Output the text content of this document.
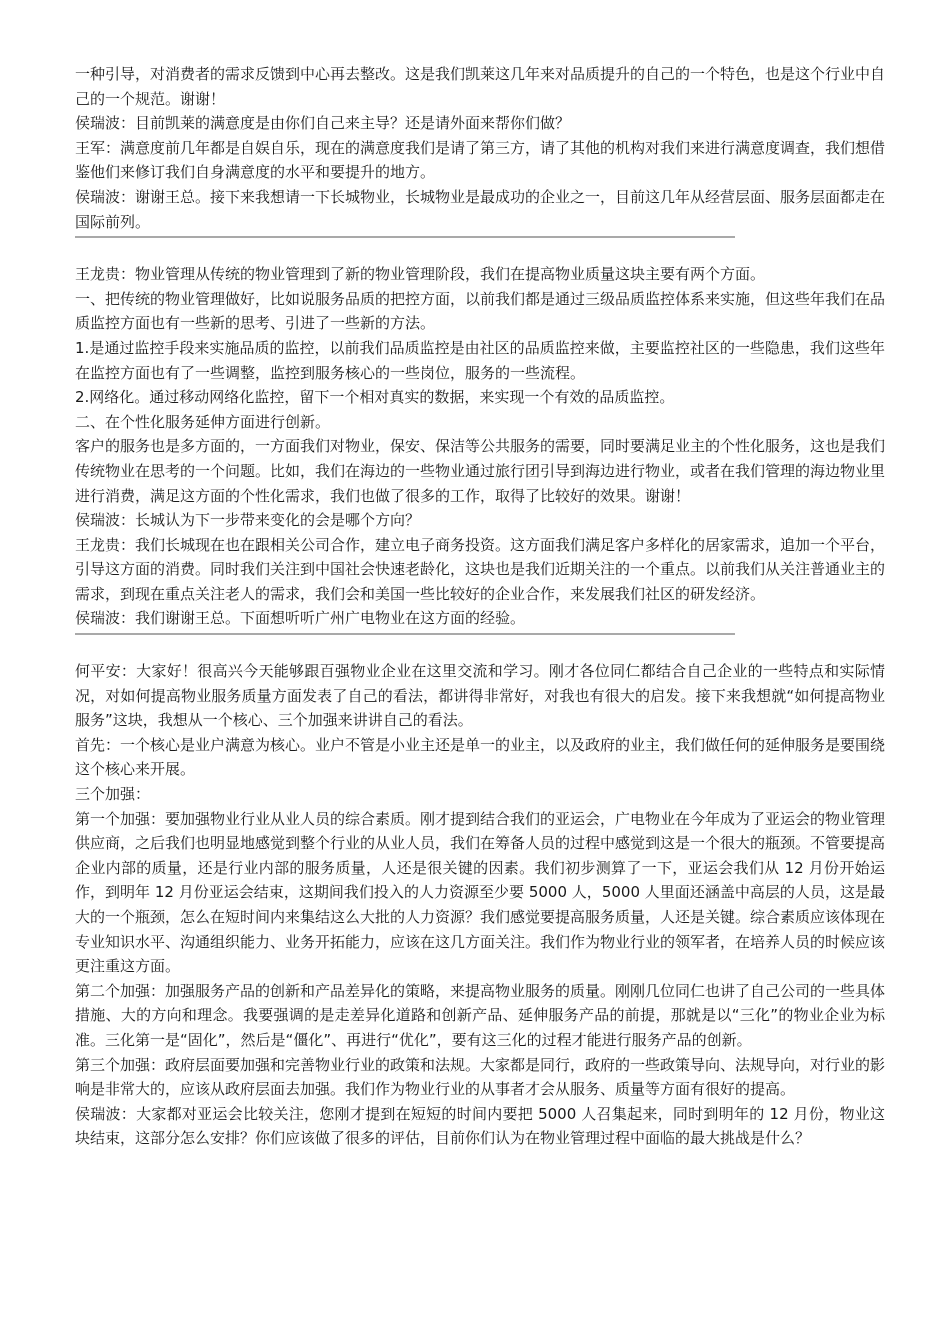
一种引导，对消费者的需求反馈到中心再去整改。这是我们凯莱这几年来对品质提升的自己的一个特色，也是这个行业中自己的一个规范。谢谢！

侯瑞波：目前凯莱的满意度是由你们自己来主导？还是请外面来帮你们做？

王军：满意度前几年都是自娱自乐，现在的满意度我们是请了第三方，请了其他的机构对我们来进行满意度调查，我们想借鉴他们来修订我们自身满意度的水平和要提升的地方。

侯瑞波：谢谢王总。接下来我想请一下长城物业，长城物业是最成功的企业之一，目前这几年从经营层面、服务层面都走在国际前列。

王龙贵：物业管理从传统的物业管理到了新的物业管理阶段，我们在提高物业质量这块主要有两个方面。

一、把传统的物业管理做好，比如说服务品质的把控方面，以前我们都是通过三级品质监控体系来实施，但这些年我们在品质监控方面也有一些新的思考、引进了一些新的方法。

1.是通过监控手段来实施品质的监控，以前我们品质监控是由社区的品质监控来做，主要监控社区的一些隐患，我们这些年在监控方面也有了一些调整，监控到服务核心的一些岗位，服务的一些流程。

2.网络化。通过移动网络化监控，留下一个相对真实的数据，来实现一个有效的品质监控。

二、在个性化服务延伸方面进行创新。

客户的服务也是多方面的，一方面我们对物业，保安、保洁等公共服务的需要，同时要满足业主的个性化服务，这也是我们传统物业在思考的一个问题。比如，我们在海边的一些物业通过旅行团引导到海边进行物业，或者在我们管理的海边物业里进行消费，满足这方面的个性化需求，我们也做了很多的工作，取得了比较好的效果。谢谢！

侯瑞波：长城认为下一步带来变化的会是哪个方向？

王龙贵：我们长城现在也在跟相关公司合作，建立电子商务投资。这方面我们满足客户多样化的居家需求，追加一个平台，引导这方面的消费。同时我们关注到中国社会快速老龄化，这块也是我们近期关注的一个重点。以前我们从关注普通业主的需求，到现在重点关注老人的需求，我们会和美国一些比较好的企业合作，来发展我们社区的研发经济。

侯瑞波：我们谢谢王总。下面想听听广州广电物业在这方面的经验。

何平安：大家好！很高兴今天能够跟百强物业企业在这里交流和学习。刚才各位同仁都结合自己企业的一些特点和实际情况，对如何提高物业服务质量方面发表了自己的看法，都讲得非常好，对我也有很大的启发。接下来我想就“如何提高物业服务”这块，我想从一个核心、三个加强来讲讲自己的看法。

首先：一个核心是业户满意为核心。业户不管是小业主还是单一的业主，以及政府的业主，我们做任何的延伸服务是要围绕这个核心来开展。

三个加强：

第一个加强：要加强物业行业从业人员的综合素质。刚才提到结合我们的亚运会，广电物业在今年成为了亚运会的物业管理供应商，之后我们也明显地感觉到整个行业的从业人员，我们在筹备人员的过程中感觉到这是一个很大的瓶颈。不管要提高企业内部的质量，还是行业内部的服务质量，人还是很关键的因素。我们初步测算了一下，亚运会我们从 12 月份开始运作，到明年 12 月份亚运会结束，这期间我们投入的人力资源至少要 5000 人，5000 人里面还涵盖中高层的人员，这是最大的一个瓶颈，怎么在短时间内来集结这么大批的人力资源？我们感觉要提高服务质量，人还是关键。综合素质应该体现在专业知识水平、沟通组织能力、业务开拓能力，应该在这几方面关注。我们作为物业行业的领军者，在培养人员的时候应该更注重这方面。

第二个加强：加强服务产品的创新和产品差异化的策略，来提高物业服务的质量。刚刚几位同仁也讲了自己公司的一些具体措施、大的方向和理念。我要强调的是走差异化道路和创新产品、延伸服务产品的前提，那就是以“三化”的物业企业为标准。三化第一是“固化”，然后是“僵化”、再进行“优化”，要有这三化的过程才能进行服务产品的创新。

第三个加强：政府层面要加强和完善物业行业的政策和法规。大家都是同行，政府的一些政策导向、法规导向，对行业的影响是非常大的，应该从政府层面去加强。我们作为物业行业的从事者才会从服务、质量等方面有很好的提高。

侯瑞波：大家都对亚运会比较关注，您刚才提到在短短的时间内要把 5000 人召集起来，同时到明年的 12 月份，物业这块结束，这部分怎么安排？你们应该做了很多的评估，目前你们认为在物业管理过程中面临的最大挑战是什么？
